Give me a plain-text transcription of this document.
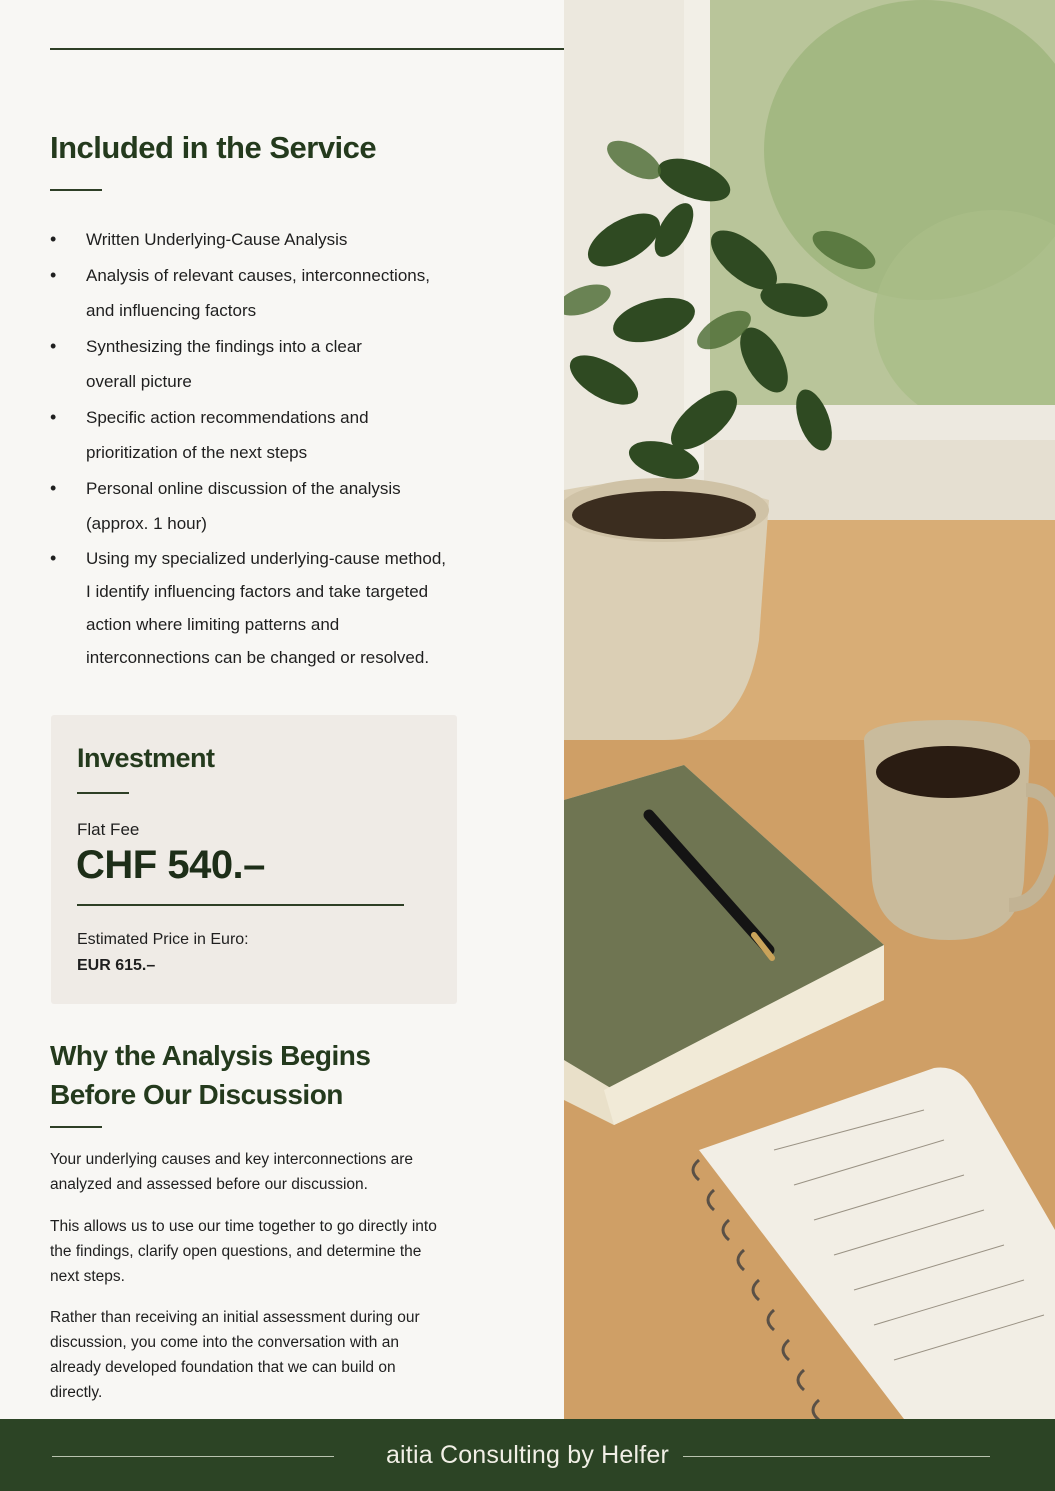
Included in the Service
• Written Underlying-Cause Analysis
• Analysis of relevant causes, interconnections,
and influencing factors
• Synthesizing the findings into a clear
overall picture
• Specific action recommendations and
prioritization of the next steps
• Personal online discussion of the analysis
(approx. 1 hour)
• Using my specialized underlying-cause method,
I identify influencing factors and take targeted
action where limiting patterns and
interconnections can be changed or resolved.
Investment
Flat Fee
CHF 540.–
Estimated Price in Euro:
EUR 615.–
Why the Analysis Begins
Before Our Discussion

Your underlying causes and key interconnections are
analyzed and assessed before our discussion.

This allows us to use our time together to go directly into
the findings, clarify open questions, and determine the
next steps.

Rather than receiving an initial assessment during our
discussion, you come into the conversation with an
already developed foundation that we can build on
directly.

aitia Consulting by Helfer
